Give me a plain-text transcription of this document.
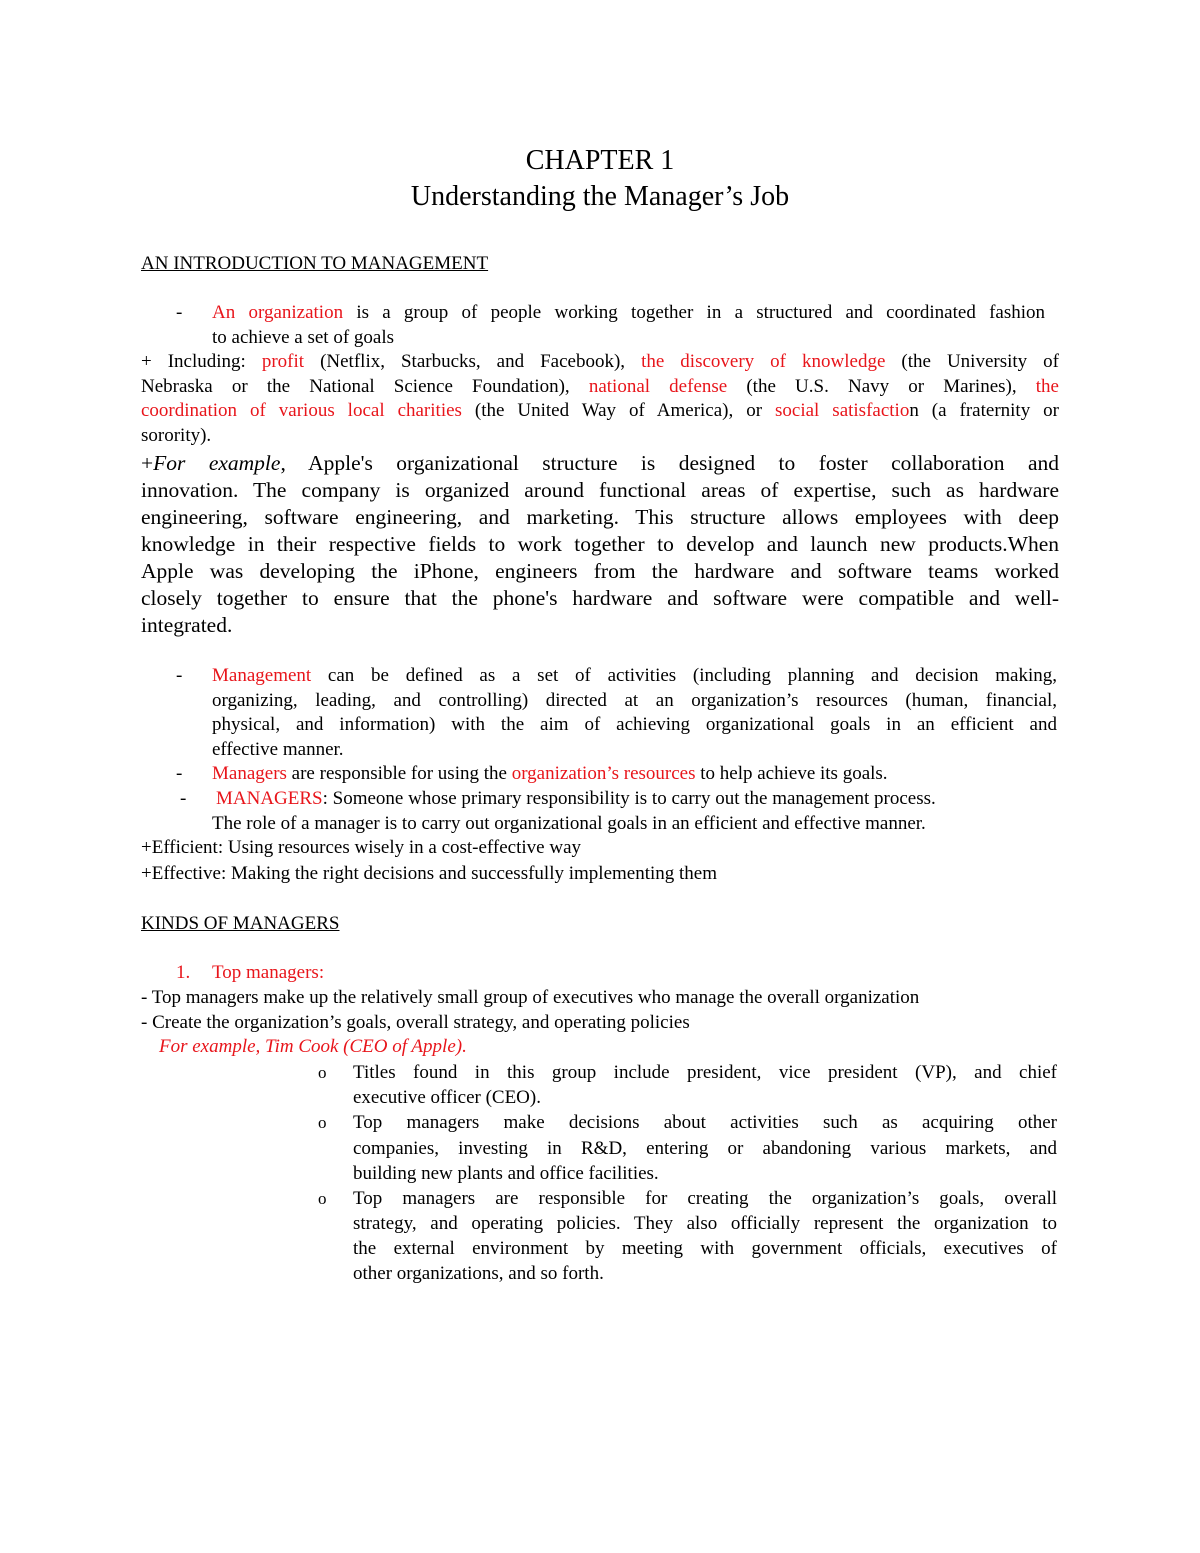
CHAPTER 1
Understanding the Manager’s Job
AN INTRODUCTION TO MANAGEMENT
- An organization is a group of people working together in a structured and coordinated fashion
to achieve a set of goals
+ Including: profit (Netflix, Starbucks, and Facebook), the discovery of knowledge (the University of
Nebraska or the National Science Foundation), national defense (the U.S. Navy or Marines), the
coordination of various local charities (the United Way of America), or social satisfaction (a fraternity or
sorority).
+For example, Apple's organizational structure is designed to foster collaboration and
innovation. The company is organized around functional areas of expertise, such as hardware
engineering, software engineering, and marketing. This structure allows employees with deep
knowledge in their respective fields to work together to develop and launch new products.When
Apple was developing the iPhone, engineers from the hardware and software teams worked
closely together to ensure that the phone's hardware and software were compatible and well-
integrated.
- Management can be defined as a set of activities (including planning and decision making,
organizing, leading, and controlling) directed at an organization’s resources (human, financial,
physical, and information) with the aim of achieving organizational goals in an efficient and
effective manner.
- Managers are responsible for using the organization’s resources to help achieve its goals.
- MANAGERS: Someone whose primary responsibility is to carry out the management process.
The role of a manager is to carry out organizational goals in an efficient and effective manner.
+Efficient: Using resources wisely in a cost-effective way
+Effective: Making the right decisions and successfully implementing them
KINDS OF MANAGERS
1. Top managers:
- Top managers make up the relatively small group of executives who manage the overall organization
- Create the organization’s goals, overall strategy, and operating policies
For example, Tim Cook (CEO of Apple).
o Titles found in this group include president, vice president (VP), and chief
executive officer (CEO).
o Top managers make decisions about activities such as acquiring other
companies, investing in R&D, entering or abandoning various markets, and
building new plants and office facilities.
o Top managers are responsible for creating the organization’s goals, overall
strategy, and operating policies. They also officially represent the organization to
the external environment by meeting with government officials, executives of
other organizations, and so forth.
